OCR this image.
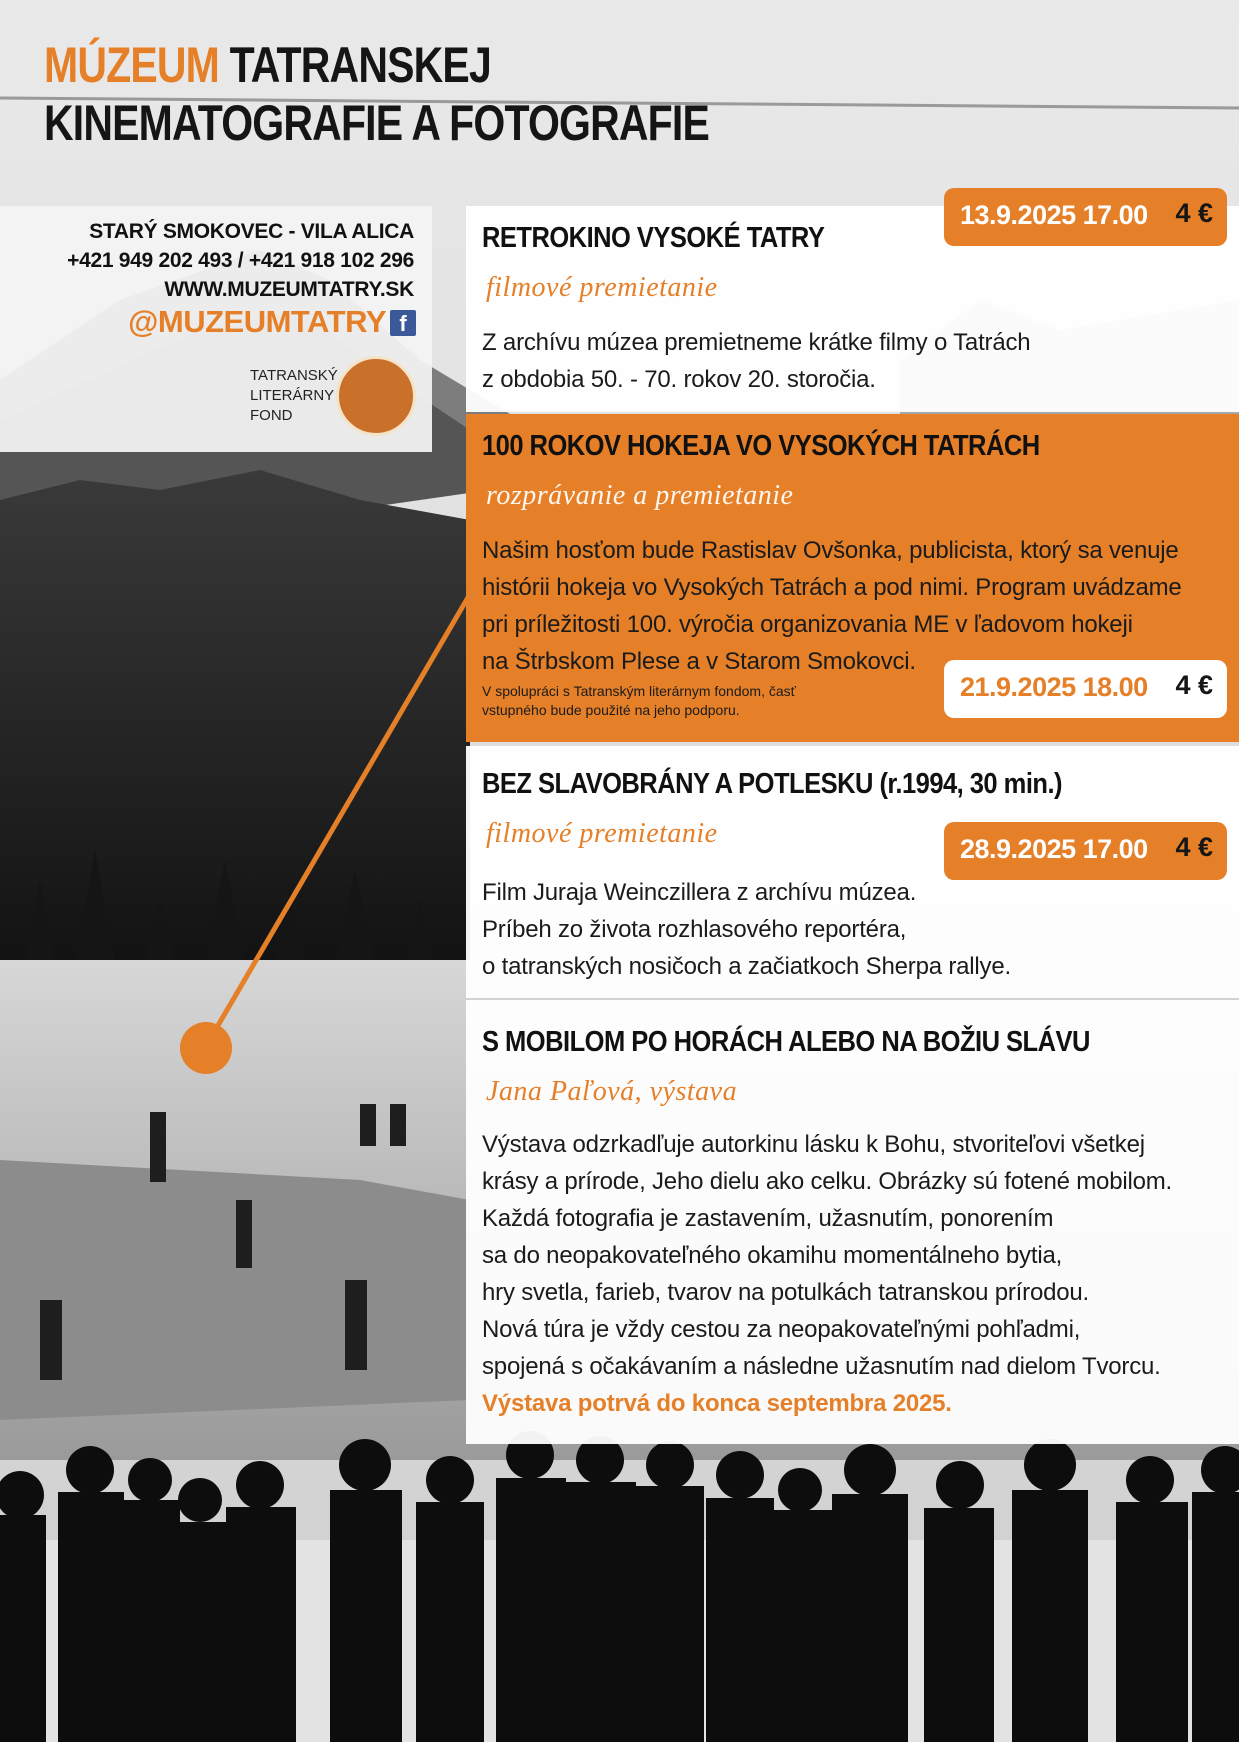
MÚZEUM TATRANSKEJ
KINEMATOGRAFIE A FOTOGRAFIE
STARÝ SMOKOVEC - VILA ALICA
+421 949 202 493 / +421 918 102 296
WWW.MUZEUMTATRY.SK
@MUZEUMTATRY f
TATRANSKÝ
LITERÁRNY
FOND
RETROKINO VYSOKÉ TATRY
filmové premietanie
Z archívu múzea premietneme krátke filmy o Tatrách
z obdobia 50. - 70. rokov 20. storočia.
13.9.2025 17.00 4 €
100 ROKOV HOKEJA VO VYSOKÝCH TATRÁCH
rozprávanie a premietanie
Našim hosťom bude Rastislav Ovšonka, publicista, ktorý sa venuje
histórii hokeja vo Vysokých Tatrách a pod nimi. Program uvádzame
pri príležitosti 100. výročia organizovania ME v ľadovom hokeji
na Štrbskom Plese a v Starom Smokovci.
V spolupráci s Tatranským literárnym fondom, časť
vstupného bude použité na jeho podporu.
21.9.2025 18.00 4 €
BEZ SLAVOBRÁNY A POTLESKU (r.1994, 30 min.)
filmové premietanie
Film Juraja Weinczillera z archívu múzea.
Príbeh zo života rozhlasového reportéra,
o tatranských nosičoch a začiatkoch Sherpa rallye.
28.9.2025 17.00 4 €
S MOBILOM PO HORÁCH ALEBO NA BOŽIU SLÁVU
Jana Paľová, výstava
Výstava odzrkadľuje autorkinu lásku k Bohu, stvoriteľovi všetkej
krásy a prírode, Jeho dielu ako celku. Obrázky sú fotené mobilom.
Každá fotografia je zastavením, užasnutím, ponorením
sa do neopakovateľného okamihu momentálneho bytia,
hry svetla, farieb, tvarov na potulkách tatranskou prírodou.
Nová túra je vždy cestou za neopakovateľnými pohľadmi,
spojená s očakávaním a následne užasnutím nad dielom Tvorcu.
Výstava potrvá do konca septembra 2025.
